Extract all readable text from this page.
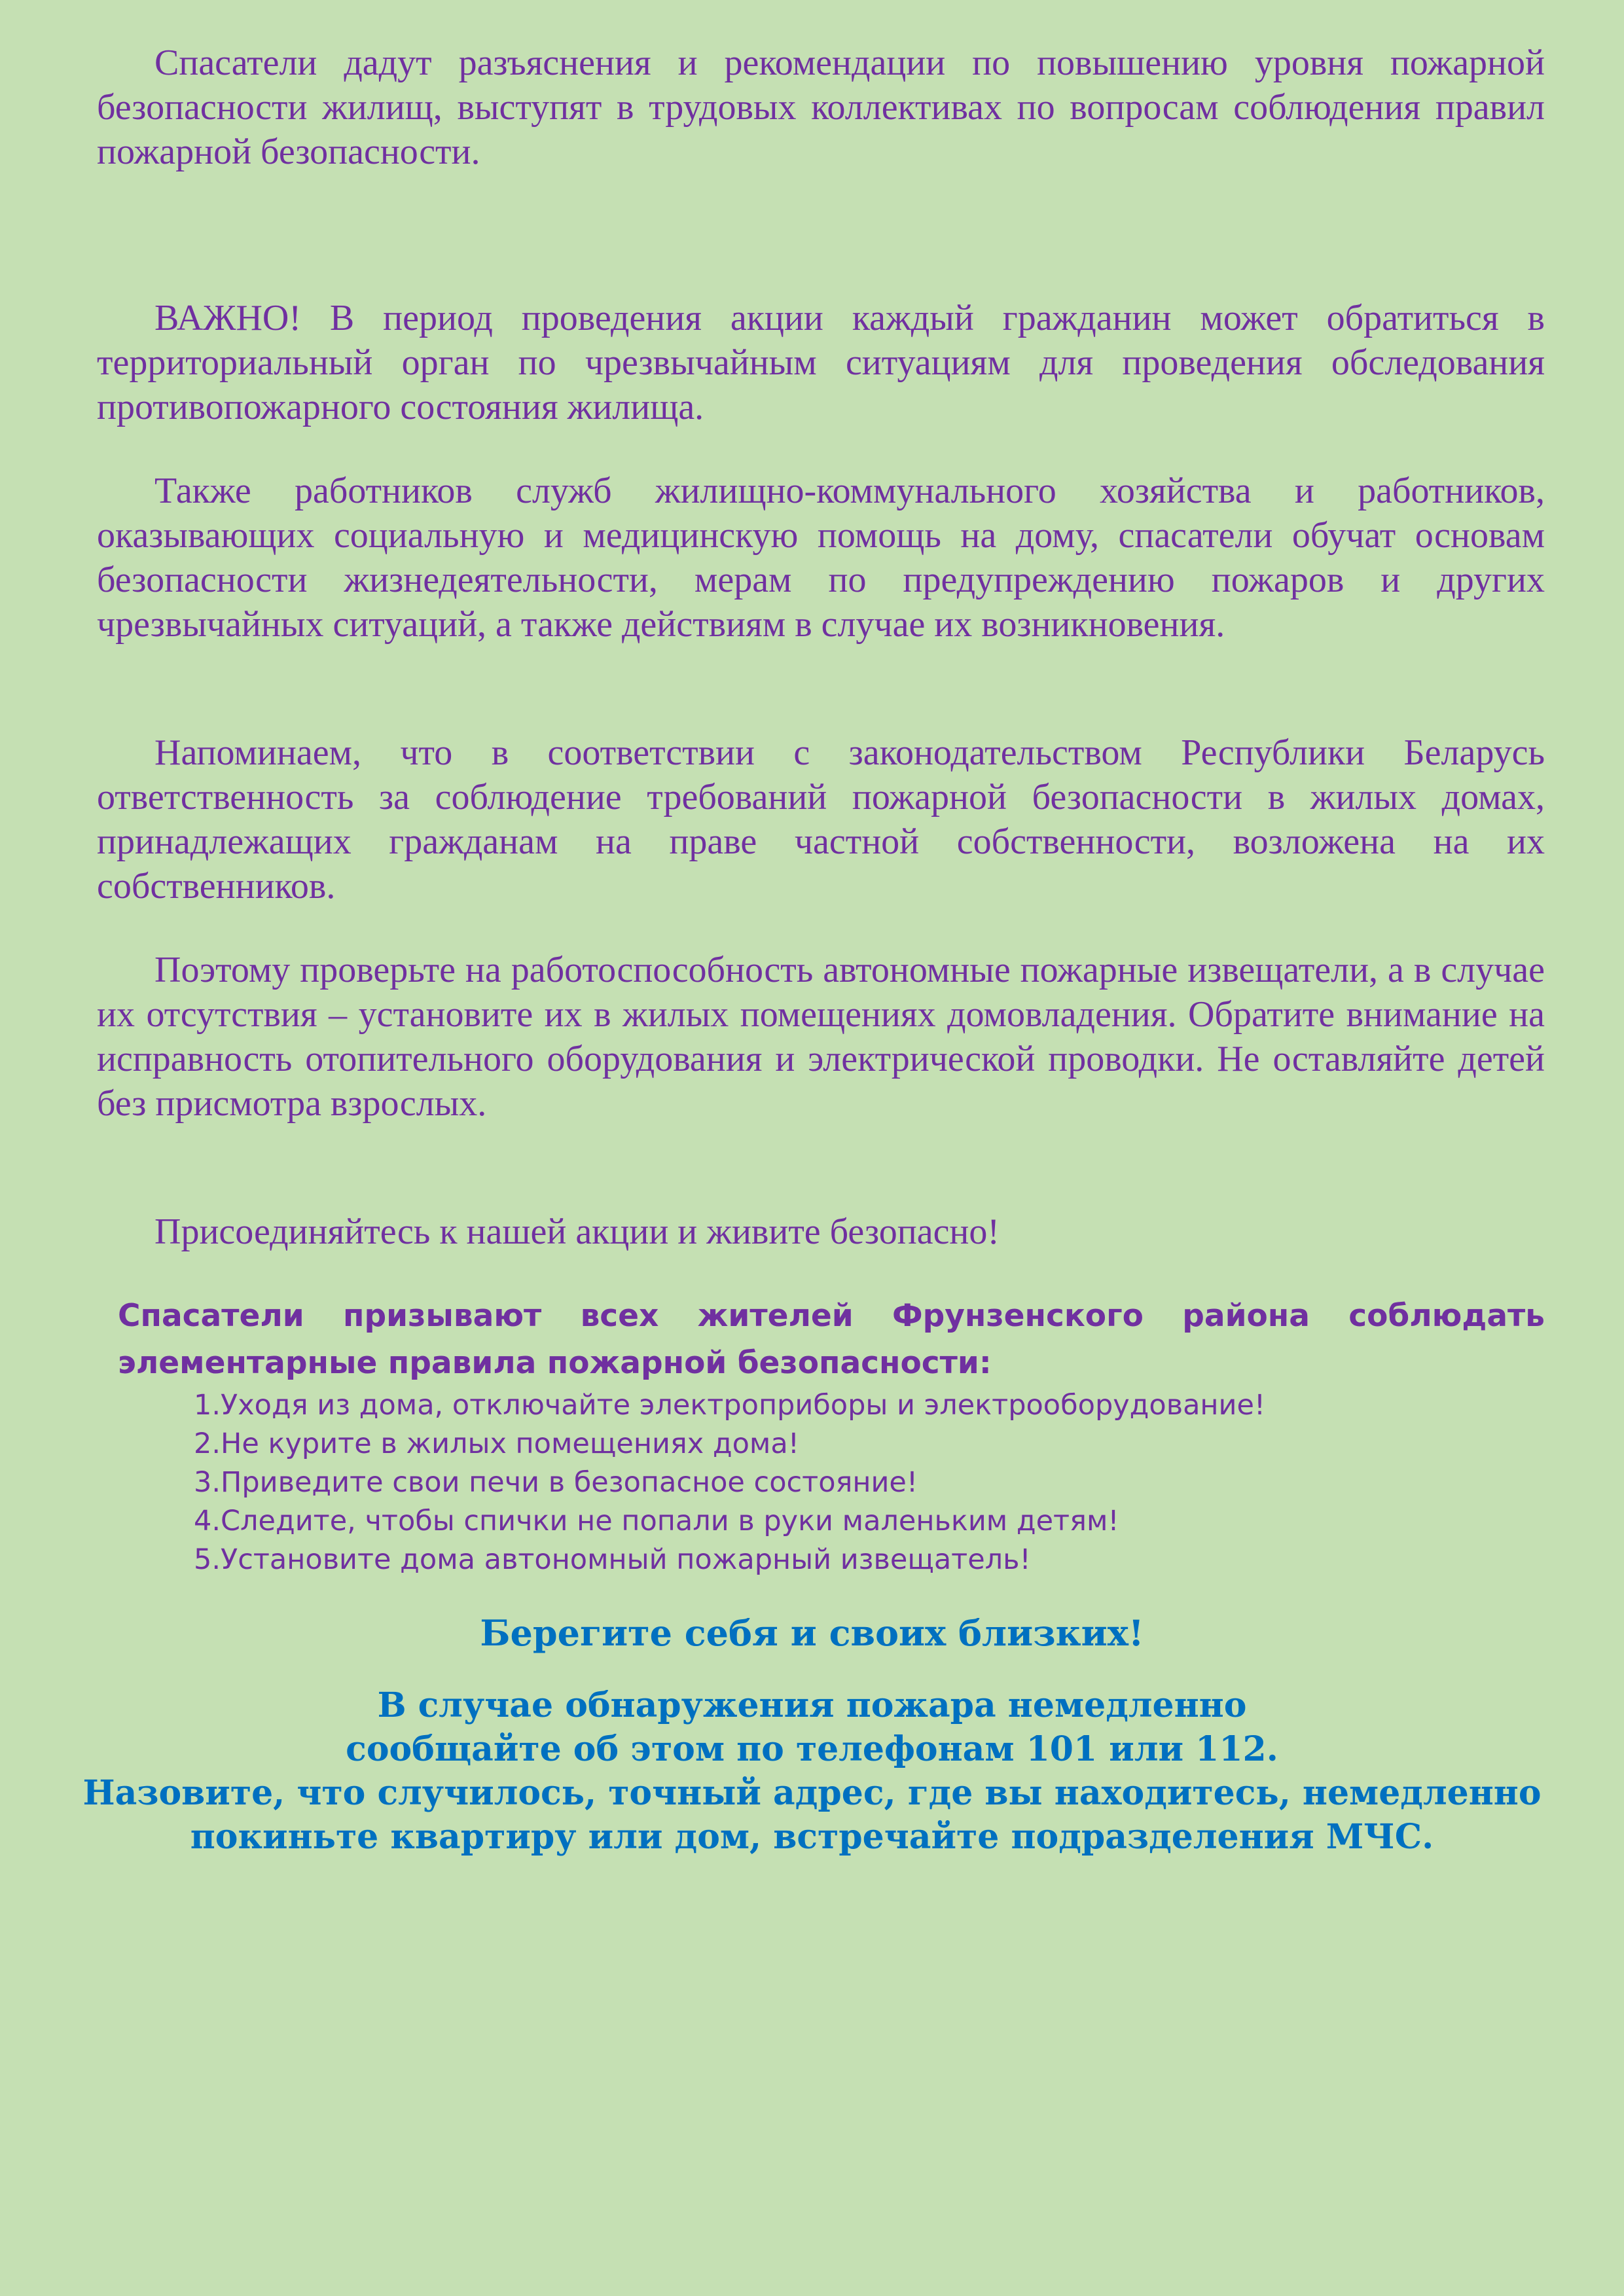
Спасатели дадут разъяснения и рекомендации по повышению уровня пожарной безопасности жилищ, выступят в трудовых коллективах по вопросам соблюдения правил пожарной безопасности.

ВАЖНО! В период проведения акции каждый гражданин может обратиться в территориальный орган по чрезвычайным ситуациям для проведения обследования противопожарного состояния жилища.

Также работников служб жилищно-коммунального хозяйства и работников, оказывающих социальную и медицинскую помощь на дому, спасатели обучат основам безопасности жизнедеятельности, мерам по предупреждению пожаров и других чрезвычайных ситуаций, а также действиям в случае их возникновения.

Напоминаем, что в соответствии с законодательством Республики Беларусь ответственность за соблюдение требований пожарной безопасности в жилых домах, принадлежащих гражданам на праве частной собственности, возложена на их собственников.

Поэтому проверьте на работоспособность автономные пожарные извещатели, а в случае их отсутствия – установите их в жилых помещениях домовладения. Обратите внимание на исправность отопительного оборудования и электрической проводки. Не оставляйте детей без присмотра взрослых.

Присоединяйтесь к нашей акции и живите безопасно!

Спасатели призывают всех жителей Фрунзенского района соблюдать элементарные правила пожарной безопасности:

1.Уходя из дома, отключайте электроприборы и электрооборудование!
2.Не курите в жилых помещениях дома!
3.Приведите свои печи в безопасное состояние!
4.Следите, чтобы спички не попали в руки маленьким детям!
5.Установите дома автономный пожарный извещатель!

Берегите себя и своих близких!

В случае обнаружения пожара немедленно
сообщайте об этом по телефонам 101 или 112.
Назовите, что случилось, точный адрес, где вы находитесь, немедленно
покиньте квартиру или дом, встречайте подразделения МЧС.
